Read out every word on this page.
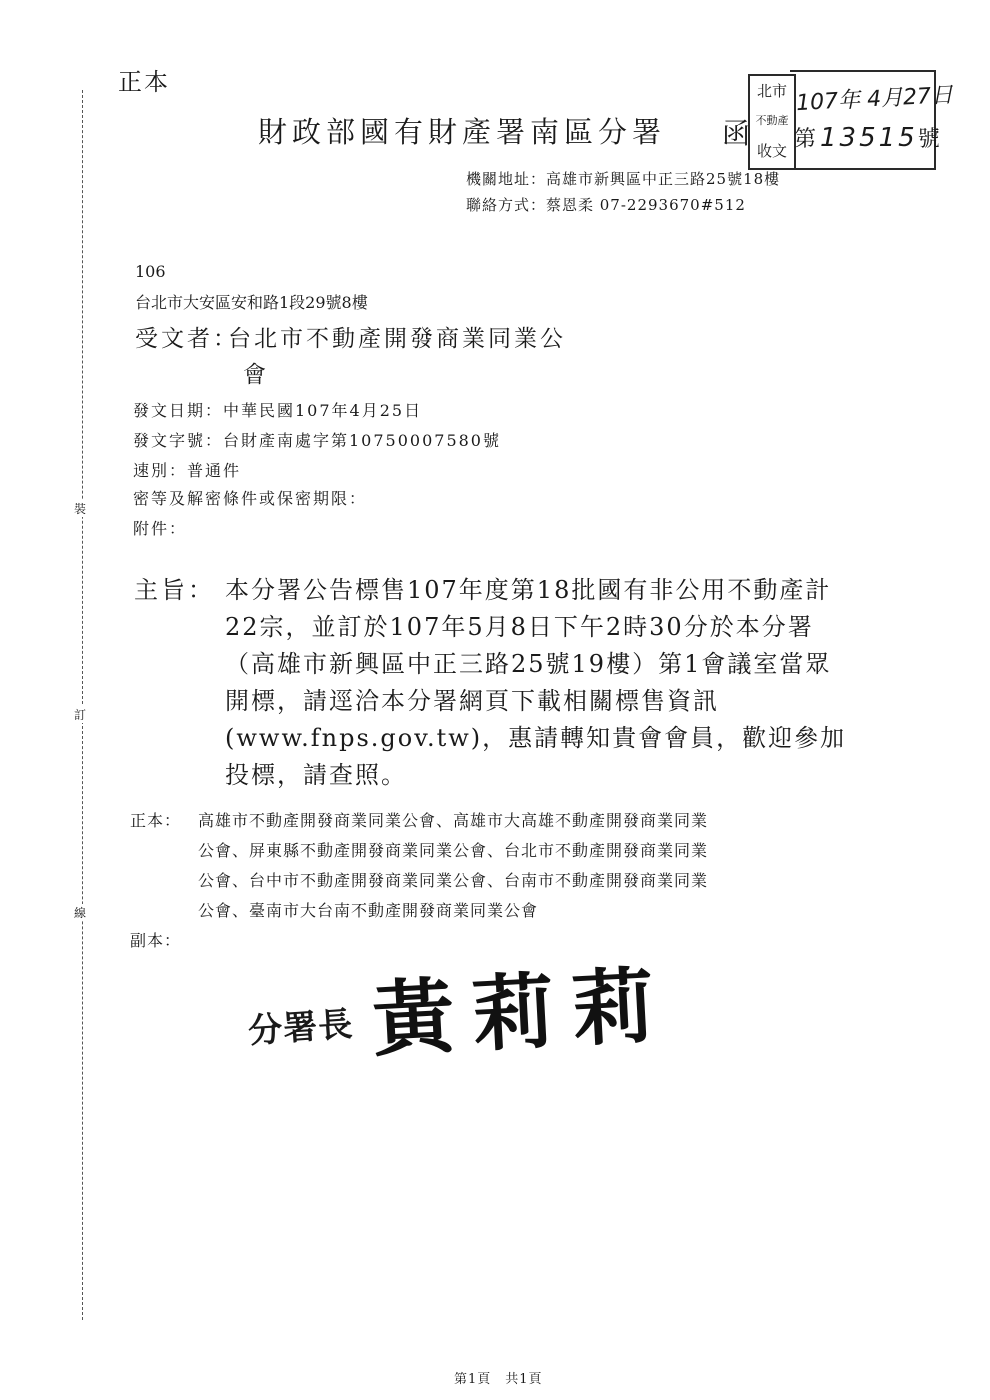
正本
財政部國有財產署南區分署 函
北市
不動產
收文
107年 4月27日
第 13515號
機關地址：高雄市新興區中正三路25號18樓
聯絡方式：蔡恩柔 07-2293670#512
106
台北市大安區安和路1段29號8樓
受文者：
台北市不動產開發商業同業公
會
發文日期：中華民國107年4月25日
發文字號：台財產南處字第10750007580號
速別：普通件
密等及解密條件或保密期限：
附件：
主旨： 本分署公告標售107年度第18批國有非公用不動產計
22宗，並訂於107年5月8日下午2時30分於本分署
（高雄市新興區中正三路25號19樓）第1會議室當眾
開標，請逕洽本分署網頁下載相關標售資訊
(www.fnps.gov.tw)，惠請轉知貴會會員，歡迎參加
投標，請查照。
正本： 高雄市不動產開發商業同業公會、高雄市大高雄不動產開發商業同業
公會、屏東縣不動產開發商業同業公會、台北市不動產開發商業同業
公會、台中市不動產開發商業同業公會、台南市不動產開發商業同業
公會、臺南市大台南不動產開發商業同業公會
副本：
裝
訂
線
分署長 黃莉莉
第1頁　共1頁
